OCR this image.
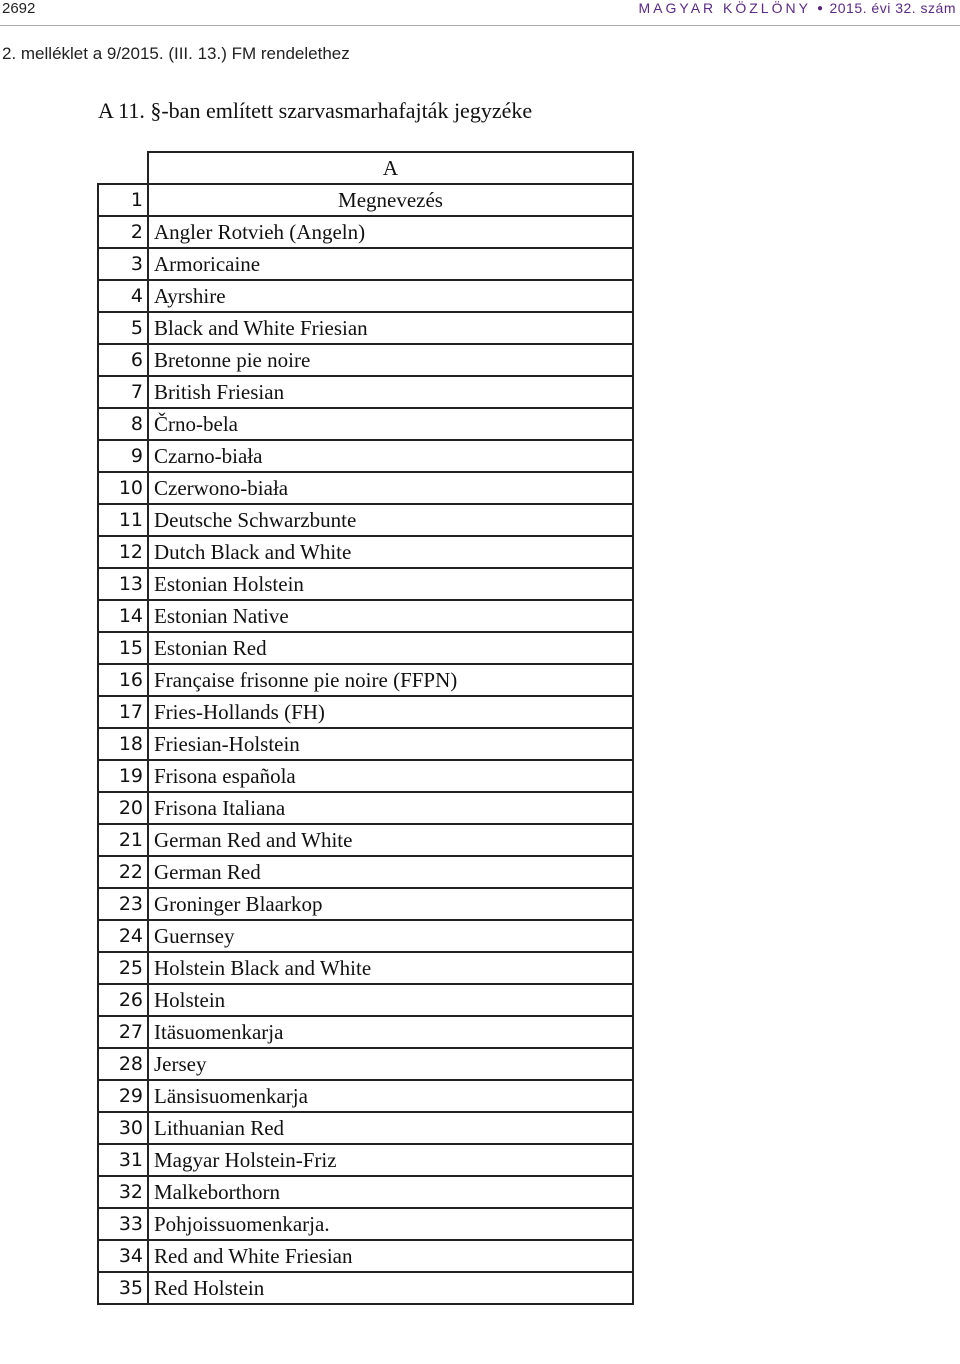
2692	MAGYAR KÖZLÖNY ● 2015. évi 32. szám
2. melléklet a 9/2015. (III. 13.) FM rendelethez
A 11. §-ban említett szarvasmarhafajták jegyzéke
	A
1	Megnevezés
2	Angler Rotvieh (Angeln)
3	Armoricaine
4	Ayrshire
5	Black and White Friesian
6	Bretonne pie noire
7	British Friesian
8	Črno-bela
9	Czarno-biała
10	Czerwono-biała
11	Deutsche Schwarzbunte
12	Dutch Black and White
13	Estonian Holstein
14	Estonian Native
15	Estonian Red
16	Française frisonne pie noire (FFPN)
17	Fries-Hollands (FH)
18	Friesian-Holstein
19	Frisona española
20	Frisona Italiana
21	German Red and White
22	German Red
23	Groninger Blaarkop
24	Guernsey
25	Holstein Black and White
26	Holstein
27	Itäsuomenkarja
28	Jersey
29	Länsisuomenkarja
30	Lithuanian Red
31	Magyar Holstein-Friz
32	Malkeborthorn
33	Pohjoissuomenkarja.
34	Red and White Friesian
35	Red Holstein
